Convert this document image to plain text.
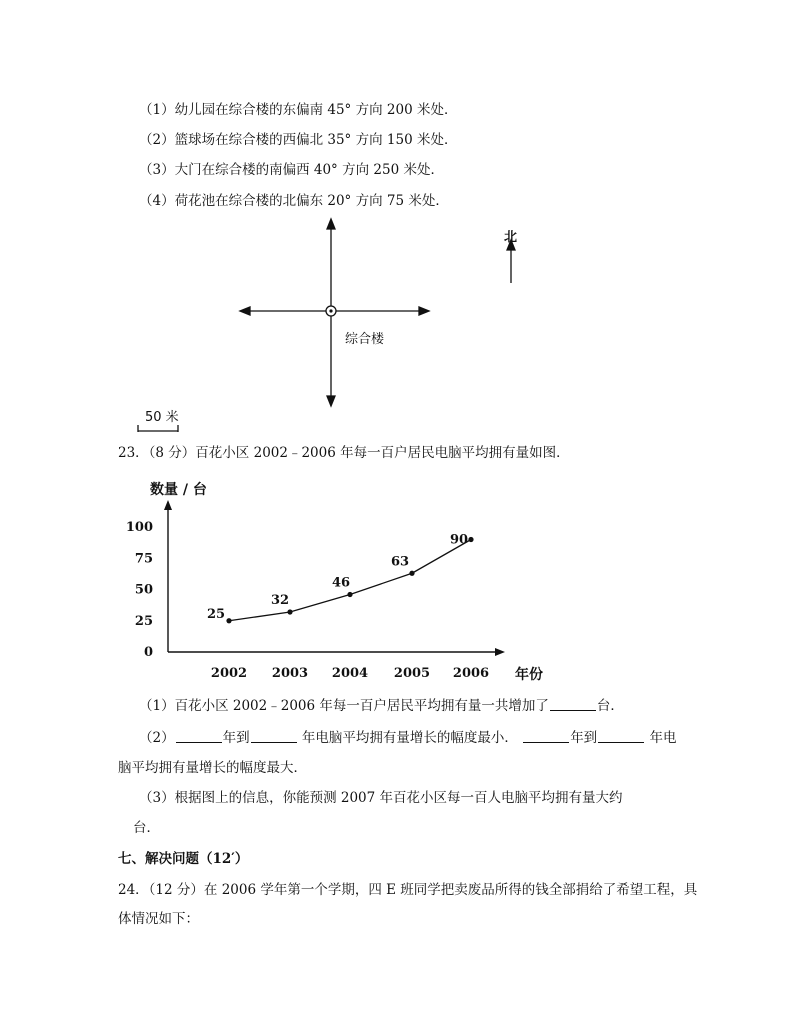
（1）幼儿园在综合楼的东偏南 45° 方向 200 米处．
（2）篮球场在综合楼的西偏北 35° 方向 150 米处．
（3）大门在综合楼的南偏西 40° 方向 250 米处．
（4）荷花池在综合楼的北偏东 20° 方向 75 米处．
综合楼
北
50 米
23．（8 分）百花小区 2002﹣2006 年每一百户居民电脑平均拥有量如图．
0
25
50
75
100
2002 2003 2004 2005 2006
25
32
46
63
90
数量 / 台
年份
（1）百花小区 2002﹣2006 年每一百户居民平均拥有量一共增加了	台．
（2）	年到	年电脑平均拥有量增长的幅度最小．	年到	年电
脑平均拥有量增长的幅度最大．
（3）根据图上的信息，你能预测 2007 年百花小区每一百人电脑平均拥有量大约
台．
七、解决问题（12′）
24．（12 分）在 2006 学年第一个学期，四 E 班同学把卖废品所得的钱全部捐给了希望工程，具
体情况如下：
